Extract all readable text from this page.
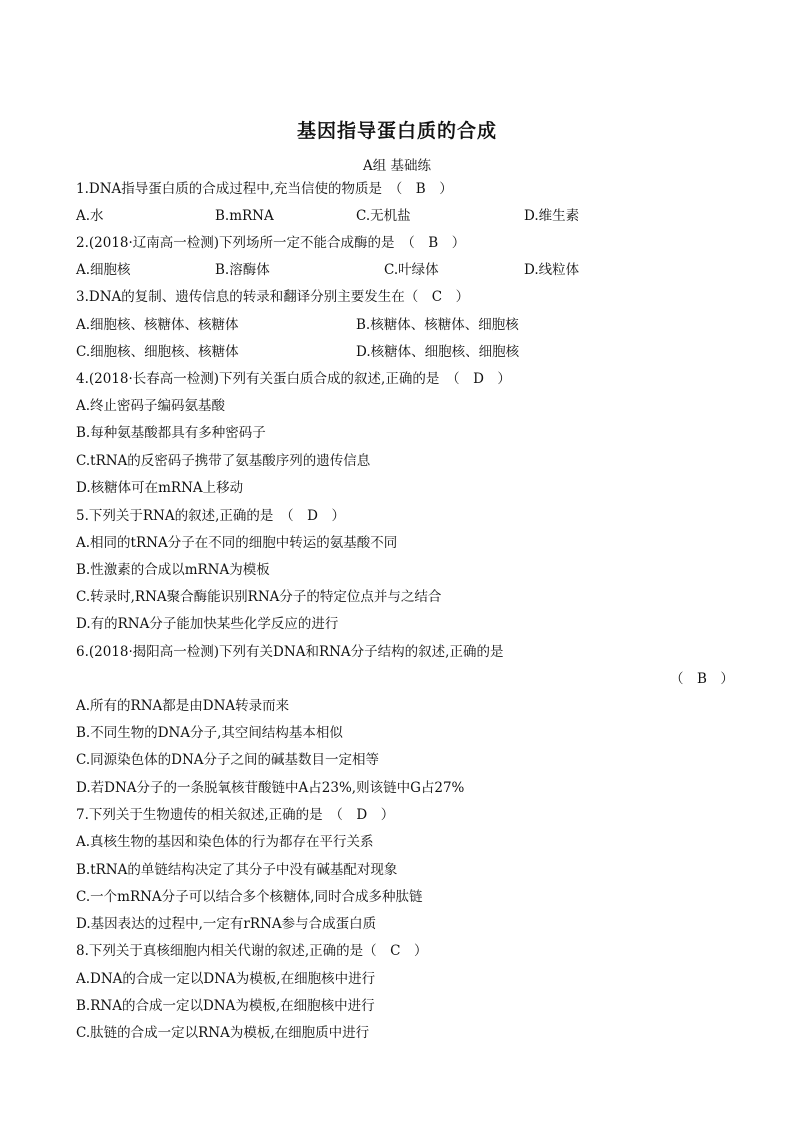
基因指导蛋白质的合成
A组 基础练
1.DNA指导蛋白质的合成过程中,充当信使的物质是　（　B　）
A.水	B.mRNA	C.无机盐	D.维生素
2.(2018·辽南高一检测)下列场所一定不能合成酶的是　（　B　）
A.细胞核	B.溶酶体	C.叶绿体	D.线粒体
3.DNA的复制、遗传信息的转录和翻译分别主要发生在（　C　）
A.细胞核、核糖体、核糖体	B.核糖体、核糖体、细胞核
C.细胞核、细胞核、核糖体	D.核糖体、细胞核、细胞核
4.(2018·长春高一检测)下列有关蛋白质合成的叙述,正确的是　（　D　）
A.终止密码子编码氨基酸
B.每种氨基酸都具有多种密码子
C.tRNA的反密码子携带了氨基酸序列的遗传信息
D.核糖体可在mRNA上移动
5.下列关于RNA的叙述,正确的是　（　D　）
A.相同的tRNA分子在不同的细胞中转运的氨基酸不同
B.性激素的合成以mRNA为模板
C.转录时,RNA聚合酶能识别RNA分子的特定位点并与之结合
D.有的RNA分子能加快某些化学反应的进行
6.(2018·揭阳高一检测)下列有关DNA和RNA分子结构的叙述,正确的是
（　B　）
A.所有的RNA都是由DNA转录而来
B.不同生物的DNA分子,其空间结构基本相似
C.同源染色体的DNA分子之间的碱基数目一定相等
D.若DNA分子的一条脱氧核苷酸链中A占23%,则该链中G占27%
7.下列关于生物遗传的相关叙述,正确的是　（　D　）
A.真核生物的基因和染色体的行为都存在平行关系
B.tRNA的单链结构决定了其分子中没有碱基配对现象
C.一个mRNA分子可以结合多个核糖体,同时合成多种肽链
D.基因表达的过程中,一定有rRNA参与合成蛋白质
8.下列关于真核细胞内相关代谢的叙述,正确的是（　C　）
A.DNA的合成一定以DNA为模板,在细胞核中进行
B.RNA的合成一定以DNA为模板,在细胞核中进行
C.肽链的合成一定以RNA为模板,在细胞质中进行
